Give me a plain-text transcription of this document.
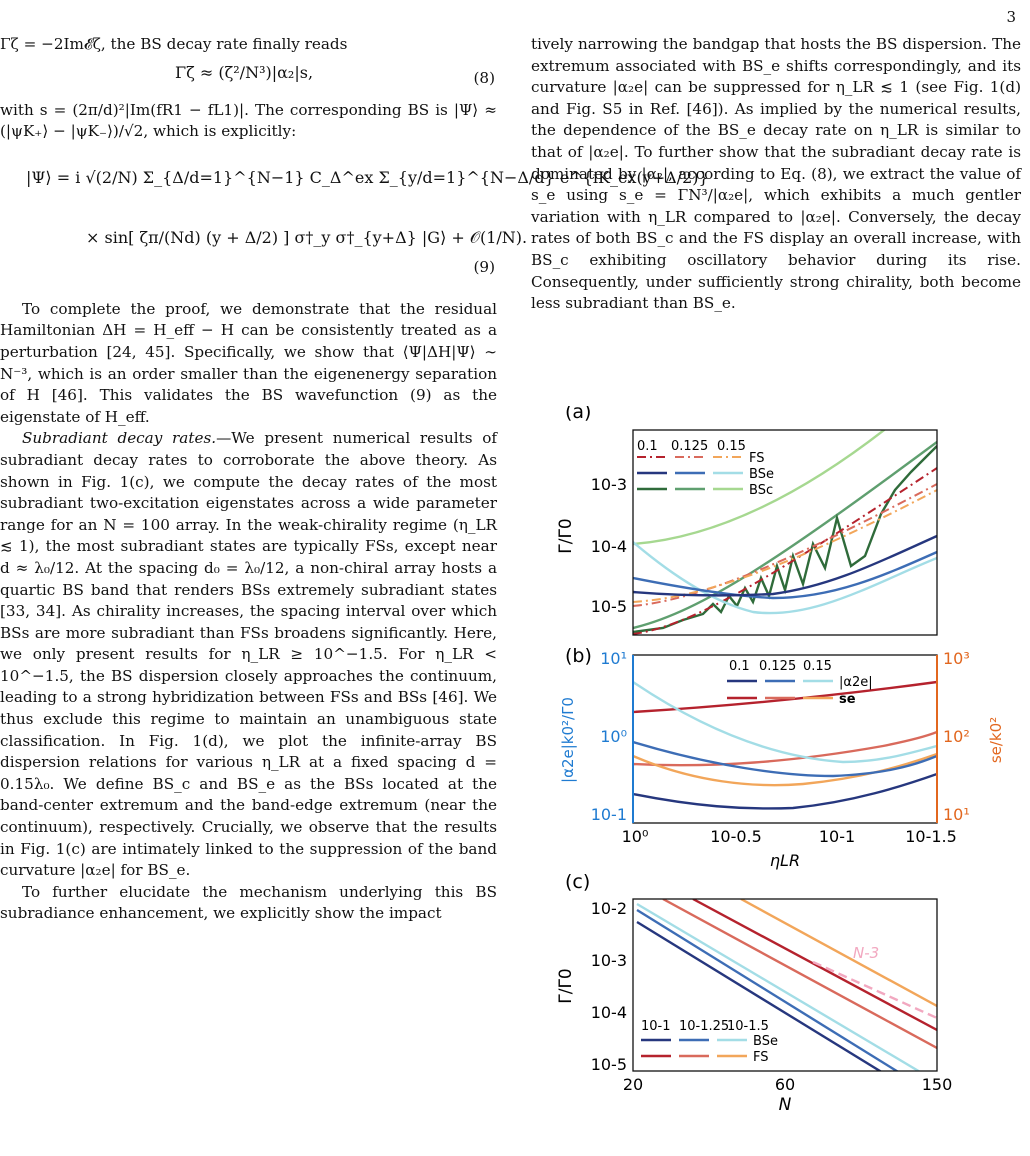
3

Γζ = −2Im𝓔ζ, the BS decay rate finally reads

Γζ ≈ (ζ²/N³)|α₂|s,	(8)

with s = (2π/d)²|Im(fR1 − fL1)|. The corresponding BS is |Ψ⟩ ≈ (|ψK₊⟩ − |ψK₋⟩)/√2, which is explicitly:

|Ψ⟩ = i √(2/N) Σ_{Δ/d=1}^{N−1} C_Δ^ex Σ_{y/d=1}^{N−Δ/d} e^{iK_ex(y+Δ/2)}
× sin[ ζπ/(Nd) (y + Δ/2) ] σ†_y σ†_{y+Δ} |G⟩ + 𝒪(1/N).
(9)

To complete the proof, we demonstrate that the residual Hamiltonian ΔH = H_eff − H can be consistently treated as a perturbation [24, 45]. Specifically, we show that ⟨Ψ|ΔH|Ψ⟩ ∼ N⁻³, which is an order smaller than the eigenenergy separation of H [46]. This validates the BS wavefunction (9) as the eigenstate of H_eff.

Subradiant decay rates.—We present numerical results of subradiant decay rates to corroborate the above theory. As shown in Fig. 1(c), we compute the decay rates of the most subradiant two-excitation eigenstates across a wide parameter range for an N = 100 array. In the weak-chirality regime (η_LR ≲ 1), the most subradiant states are typically FSs, except near d ≈ λ₀/12. At the spacing d₀ = λ₀/12, a non-chiral array hosts a quartic BS band that renders BSs extremely subradiant states [33, 34]. As chirality increases, the spacing interval over which BSs are more subradiant than FSs broadens significantly. Here, we only present results for η_LR ≥ 10^−1.5. For η_LR < 10^−1.5, the BS dispersion closely approaches the continuum, leading to a strong hybridization between FSs and BSs [46]. We thus exclude this regime to maintain an unambiguous state classification. In Fig. 1(d), we plot the infinite-array BS dispersion relations for various η_LR at a fixed spacing d = 0.15λ₀. We define BS_c and BS_e as the BSs located at the band-center extremum and the band-edge extremum (near the continuum), respectively. Crucially, we observe that the results in Fig. 1(c) are intimately linked to the suppression of the band curvature |α₂e| for BS_e.

To further elucidate the mechanism underlying this BS subradiance enhancement, we explicitly show the impact

tively narrowing the bandgap that hosts the BS dispersion. The extremum associated with BS_e shifts correspondingly, and its curvature |α₂e| can be suppressed for η_LR ≲ 1 (see Fig. 1(d) and Fig. S5 in Ref. [46]). As implied by the numerical results, the dependence of the BS_e decay rate on η_LR is similar to that of |α₂e|. To further show that the subradiant decay rate is dominated by |α₂|, according to Eq. (8), we extract the value of s_e using s_e = ΓN³/|α₂e|, which exhibits a much gentler variation with η_LR compared to |α₂e|. Conversely, the decay rates of both BS_c and the FS display an overall increase, with BS_c exhibiting oscillatory behavior during its rise. Consequently, under sufficiently strong chirality, both become less subradiant than BS_e.

(a)
10-3
10-4
10-5
Γ/Γ0
0.1 0.125 0.15
FS
BSe
BSc
(b) 10¹
10⁰
10-1
10³
10²
10¹
|α2e|k0²/Γ0	se/k0²
10⁰	10-0.5	10-1	10-1.5
ηLR
0.1 0.125 0.15
|α2e|
se
(c)
10-2
10-3
10-4
10-5
Γ/Γ0
20	60	150
N
N-3
10-1 10-1.25
10-1.5
BSe
FS
